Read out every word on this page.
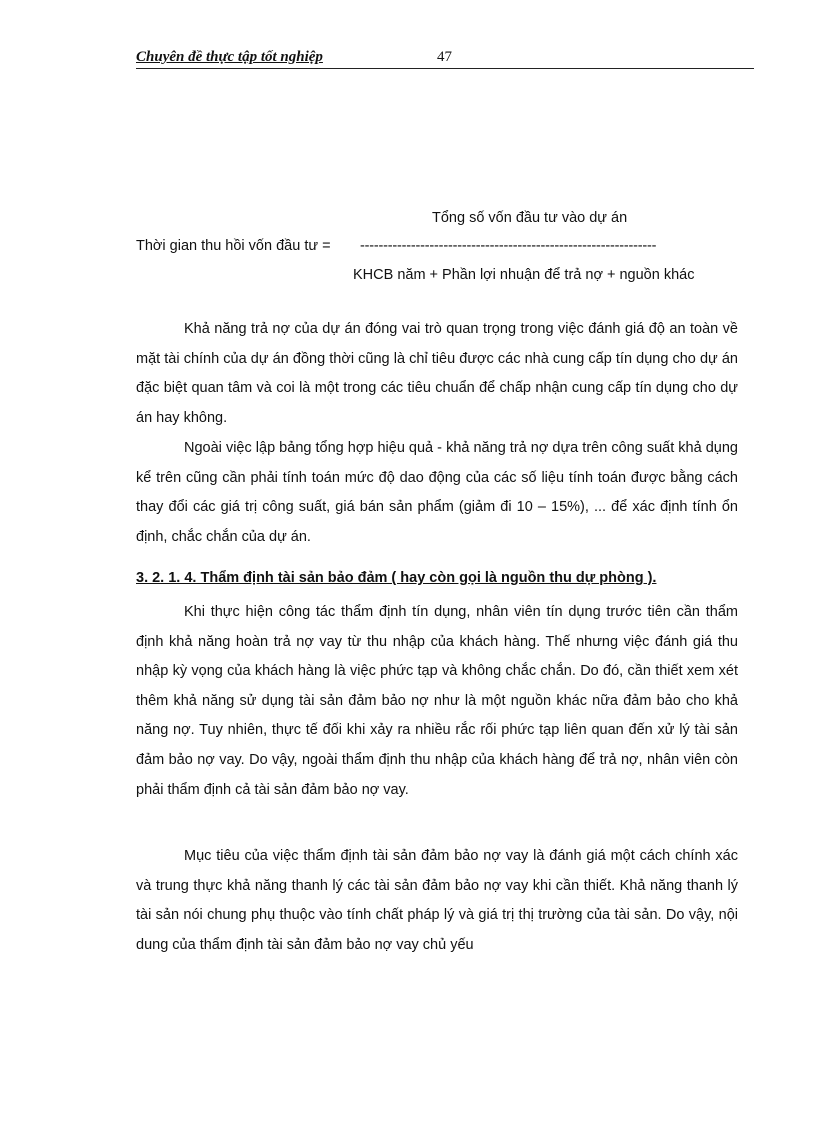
Chuyên đề thực tập tốt nghiệp	47
Tổng số vốn đầu tư vào dự án
Thời gian thu hồi vốn đầu tư = ----------------------------------------------------------------
KHCB năm + Phần lợi nhuận để trả nợ + nguồn khác

Khả năng trả nợ của dự án đóng vai trò quan trọng trong việc đánh giá độ an toàn về mặt tài chính của dự án đồng thời cũng là chỉ tiêu được các nhà cung cấp tín dụng cho dự án đặc biệt quan tâm và coi là một trong các tiêu chuẩn để chấp nhận cung cấp tín dụng cho dự án hay không.

Ngoài việc lập bảng tổng hợp hiệu quả - khả năng trả nợ dựa trên công suất khả dụng kể trên cũng cần phải tính toán mức độ dao động của các số liệu tính toán được bằng cách thay đổi các giá trị công suất, giá bán sản phẩm (giảm đi 10 – 15%), ... để xác định tính ổn định, chắc chắn của dự án.

3. 2. 1. 4. Thẩm định tài sản bảo đảm ( hay còn gọi là nguồn thu dự phòng ).

Khi thực hiện công tác thẩm định tín dụng, nhân viên tín dụng trước tiên cần thẩm định khả năng hoàn trả nợ vay từ thu nhập của khách hàng. Thế nhưng việc đánh giá thu nhập kỳ vọng của khách hàng là việc phức tạp và không chắc chắn. Do đó, cần thiết xem xét thêm khả năng sử dụng tài sản đảm bảo nợ như là một nguồn khác nữa đảm bảo cho khả năng nợ. Tuy nhiên, thực tế đối khi xảy ra nhiều rắc rối phức tạp liên quan đến xử lý tài sản đảm bảo nợ vay. Do vậy, ngoài thẩm định thu nhập của khách hàng để trả nợ, nhân viên còn phải thẩm định cả tài sản đảm bảo nợ vay.

Mục tiêu của việc thẩm định tài sản đảm bảo nợ vay là đánh giá một cách chính xác và trung thực khả năng thanh lý các tài sản đảm bảo nợ vay khi cần thiết. Khả năng thanh lý tài sản nói chung phụ thuộc vào tính chất pháp lý và giá trị thị trường của tài sản. Do vậy, nội dung của thẩm định tài sản đảm bảo nợ vay chủ yếu
